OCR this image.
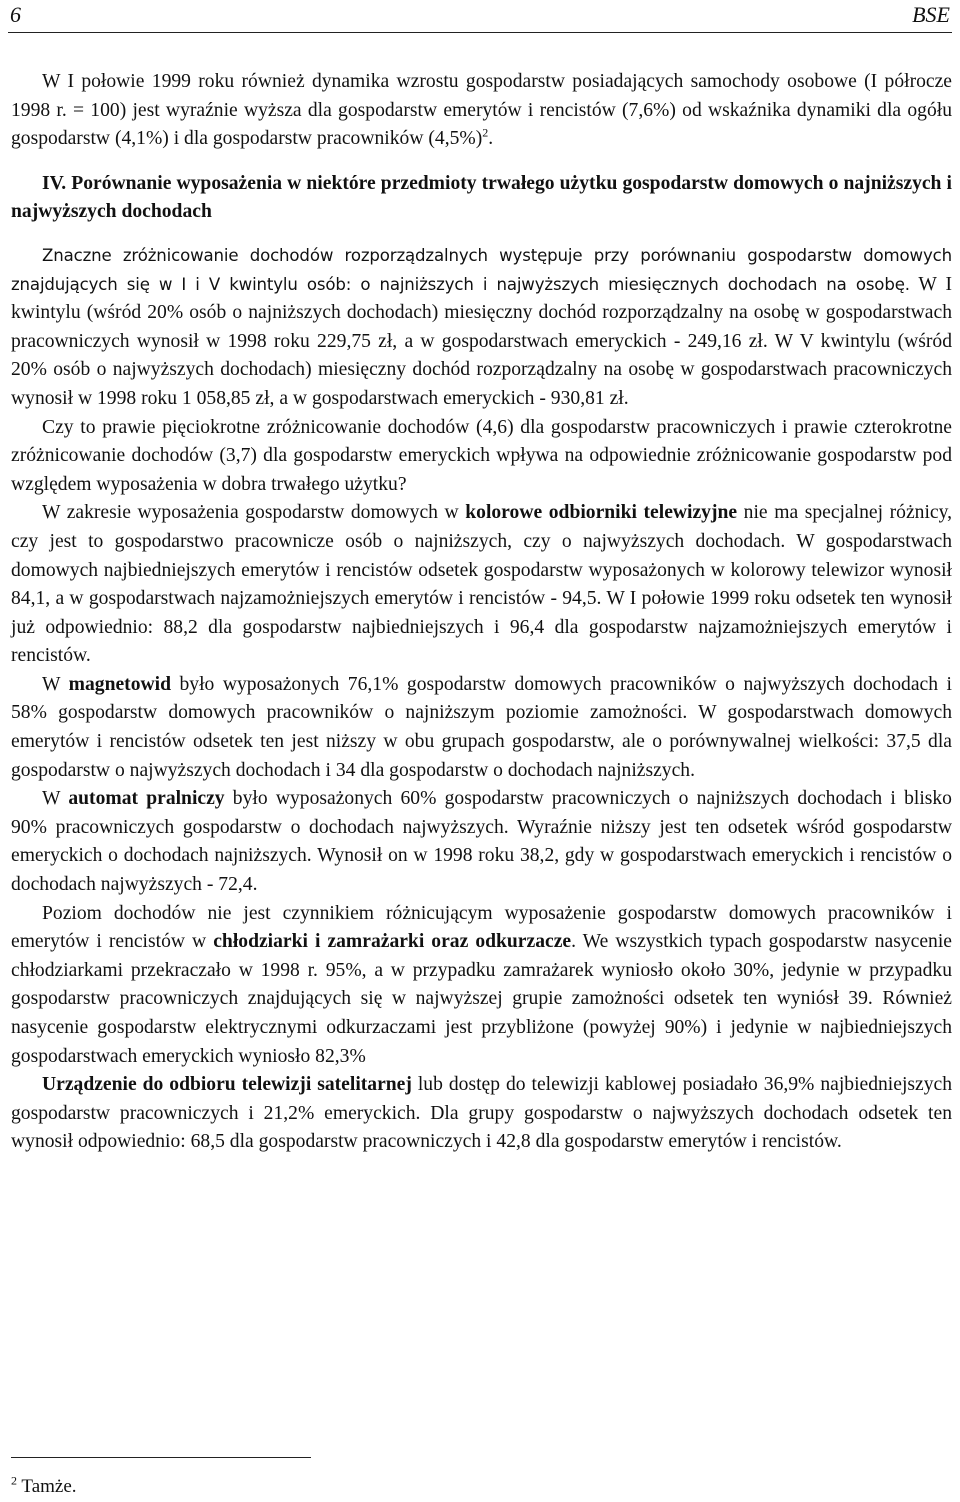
6	BSE

W I połowie 1999 roku również dynamika wzrostu gospodarstw posiadających samochody osobowe (I półrocze 1998 r. = 100) jest wyraźnie wyższa dla gospodarstw emerytów i rencistów (7,6%) od wskaźnika dynamiki dla ogółu gospodarstw (4,1%) i dla gospodarstw pracowników $(4,5\%)^2$.

IV. Porównanie wyposażenia w niektóre przedmioty trwałego użytku gospodarstw domowych o najniższych i najwyższych dochodach

Znaczne zróżnicowanie dochodów rozporządzalnych występuje przy porównaniu gospodarstw domowych znajdujących się w I i V kwintylu osób: o najniższych i najwyższych miesięcznych dochodach na osobę. W I kwintylu (wśród 20% osób o najniższych dochodach) miesięczny dochód rozporządzalny na osobę w gospodarstwach pracowniczych wynosił w 1998 roku 229,75 zł, a w gospodarstwach emeryckich - 249,16 zł. W V kwintylu (wśród 20% osób o najwyższych dochodach) miesięczny dochód rozporządzalny na osobę w gospodarstwach pracowniczych wynosił w 1998 roku 1 058,85 zł, a w gospodarstwach emeryckich - 930,81 zł.

Czy to prawie pięciokrotne zróżnicowanie dochodów (4,6) dla gospodarstw pracowniczych i prawie czterokrotne zróżnicowanie dochodów (3,7) dla gospodarstw emeryckich wpływa na odpowiednie zróżnicowanie gospodarstw pod względem wyposażenia w dobra trwałego użytku?

W zakresie wyposażenia gospodarstw domowych w kolorowe odbiorniki telewizyjne nie ma specjalnej różnicy, czy jest to gospodarstwo pracownicze osób o najniższych, czy o najwyższych dochodach. W gospodarstwach domowych najbiedniejszych emerytów i rencistów odsetek gospodarstw wyposażonych w kolorowy telewizor wynosił 84,1, a w gospodarstwach najzamożniejszych emerytów i rencistów - 94,5. W I połowie 1999 roku odsetek ten wynosił już odpowiednio: 88,2 dla gospodarstw najbiedniejszych i 96,4 dla gospodarstw najzamożniejszych emerytów i rencistów.

W magnetowid było wyposażonych 76,1% gospodarstw domowych pracowników o najwyższych dochodach i 58% gospodarstw domowych pracowników o najniższym poziomie zamożności. W gospodarstwach domowych emerytów i rencistów odsetek ten jest niższy w obu grupach gospodarstw, ale o porównywalnej wielkości: 37,5 dla gospodarstw o najwyższych dochodach i 34 dla gospodarstw o dochodach najniższych.

W automat pralniczy było wyposażonych 60% gospodarstw pracowniczych o najniższych dochodach i blisko 90% pracowniczych gospodarstw o dochodach najwyższych. Wyraźnie niższy jest ten odsetek wśród gospodarstw emeryckich o dochodach najniższych. Wynosił on w 1998 roku 38,2, gdy w gospodarstwach emeryckich i rencistów o dochodach najwyższych - 72,4.

Poziom dochodów nie jest czynnikiem różnicującym wyposażenie gospodarstw domowych pracowników i emerytów i rencistów w chłodziarki i zamrażarki oraz odkurzacze. We wszystkich typach gospodarstw nasycenie chłodziarkami przekraczało w 1998 r. 95%, a w przypadku zamrażarek wyniosło około 30%, jedynie w przypadku gospodarstw pracowniczych znajdujących się w najwyższej grupie zamożności odsetek ten wyniósł 39. Również nasycenie gospodarstw elektrycznymi odkurzaczami jest przybliżone (powyżej 90%) i jedynie w najbiedniejszych gospodarstwach emeryckich wyniosło 82,3%

Urządzenie do odbioru telewizji satelitarnej lub dostęp do telewizji kablowej posiadało 36,9% najbiedniejszych gospodarstw pracowniczych i 21,2% emeryckich. Dla grupy gospodarstw o najwyższych dochodach odsetek ten wynosił odpowiednio: 68,5 dla gospodarstw pracowniczych i 42,8 dla gospodarstw emerytów i rencistów.

$^2$ Tamże.
